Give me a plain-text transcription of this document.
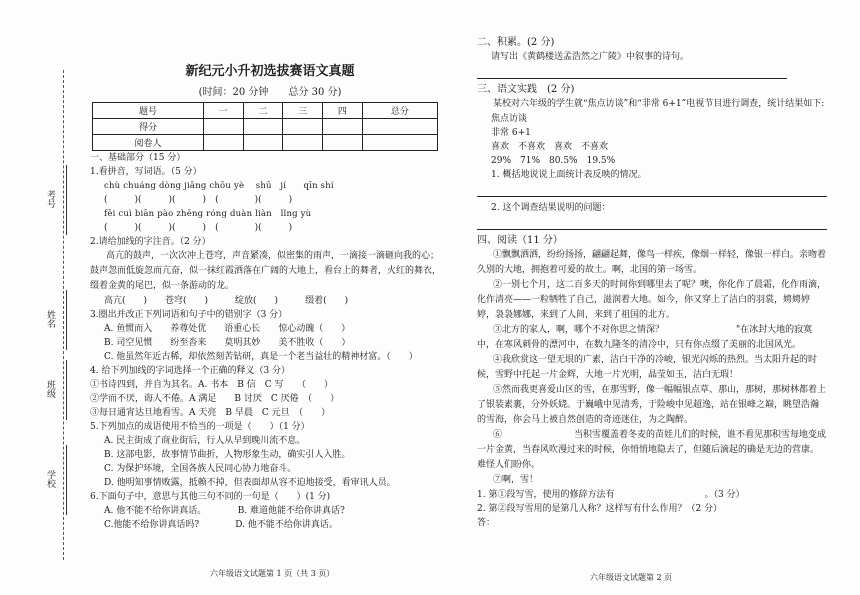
考号
姓名
班级
学校
新纪元小升初选拔赛语文真题
(时间：20 分钟　　总分 30 分)
题号	一	二	三	四	总分
得分					
阅卷人					
一、基础部分（15 分）
1.看拼音，写词语。（5 分）
chù chuáng dòng jiāng chōu yè　 shū　jí　　qīn shí
(　　　)(　　　)(　　　)　(　　　　)(　　　)
fēi cuì biān pào zhēng róng duàn liàn　lǐng yù
(　　　)(　　　)(　　　)　(　　　　)(　　　)
2.请给加线的字注音。（2 分）
高亢的鼓声，一次次冲上苍穹，声音紧凑，似密集的雨声，一滴接一滴砸向我的心；鼓声忽而低旋忽而亢奋，似一抹红霞洒落在广阔的大地上，看台上的舞者，火红的舞衣，缀着金黄的尾巴，似一条游动的龙。
高亢(　　)　　苍穹(　　)　　　绽放(　　)　　　缀着(　　)
3.圈出并改正下列词语和句子中的错别字（3 分）
A. 鱼惯而入　　养尊处优　　语重心长　　惊心动魄（　　）
B. 司空见惯　　纷至沓来　　莫明其妙　　美不胜收（　　）
C. 他虽然年近古稀，却依然刻苦钻研，真是一个老当益壮的精神材富。（　　）
4. 给下列加线的字词选择一个正确的释义（3 分）
①书诗四到，并自为其名。A. 书本　B 信　C 写　　（　　）
②学而不厌，诲人不倦。A 满足　　B 讨厌　C 厌倦　（　　）
③每日通宵达旦地看雪。A 天亮　B 早晨　C 元旦　（　　）
5.下列加点的成语使用不恰当的一项是（　　）（1 分）
A. 民主街成了商业街后，行人从早到晚川流不息。
B. 这部电影，故事情节曲折，人物形象生动，确实引人入胜。
C. 为保护环境，全国各族人民同心协力地奋斗。
D. 他明知事情败露，抵赖不掉，但表面却从容不迫地接受，看审讯人员。
6.下面句子中，意思与其他三句不同的一句是（　　）(1 分)
A. 他不能不给你讲真话。　　　　B. 难道他能不给你讲真话?
C.他能不给你讲真话吗?　　　　D. 他不能不给你讲真话。
六年级语文试题第 1 页（共 3 页）
二、积累。(2 分)
请写出《黄鹤楼送孟浩然之广陵》中叙事的诗句。
三、语文实践　(2 分)
某校对六年级的学生就“焦点访谈”和“非常 6+1”电视节目进行调查，统计结果如下:
焦点访谈
非常 6+1
喜欢　不喜欢　喜欢　不喜欢
29%　71%　80.5%　19.5%
1. 概括地说说上面统计表反映的情况。
2. 这个调查结果说明的问题：
四、阅读（11 分）
①飘飘洒洒，纷纷扬扬，翩翩起舞，像鸟一样疾，像烟一样轻，像银一样白。亲吻着久别的大地，拥抱着可爱的故土。啊，北国的第一场雪。
②一别七个月，这二百多天的时间你到哪里去了呢？噢，你化作了晨霜，化作雨滴，化作清亮——一粒牺牲了自己，滋润着大地。如今，你又穿上了洁白的羽裳，娉娉婷婷，袅袅娜娜，来到了人间，来到了祖国的北方。
③北方的家人，啊，哪个不对你思之情深？　　　　　　　　"在冰封大地的寂寞中，在寒风刺骨的漂河中，在数九隆冬的清冷中，只有你点缀了美丽的北国风光。
④我欣赏这一望无垠的广素，洁白干净的冷峻，银光闪烁的热烈。当太阳升起的时候，雪野中托起一片金辉，大地一片光明，晶莹如玉，洁白无瑕！
⑤然而我更喜爱山区的雪，在那雪野，像一幅幅银点草、那山，那树，那树林都着上了银装素裹，分外妖娆。于巍峨中见清秀，于险峻中见超逸，站在银峰之巅，眺望浩瀚的雪海，你会马上被自然创造的奇迹迷住，为之陶醉。
⑥　　　　　　　　当积雪覆盖着冬麦的苗娃儿们的时候，谁不看见那积雪每地变成一片金黄，当春风吹漫过来的时候，你悄悄地隐去了，但随后滴起的确是无边的营康。难怪人们盼你。
⑦啊，雪！
1. 第①段写雪，使用的修辞方法有　　　　　　　　　　。（3 分）
2. 第②段写雪用的是第几人称？这样写有什么作用？（2 分）
答：
六年级语文试题第 2 页
